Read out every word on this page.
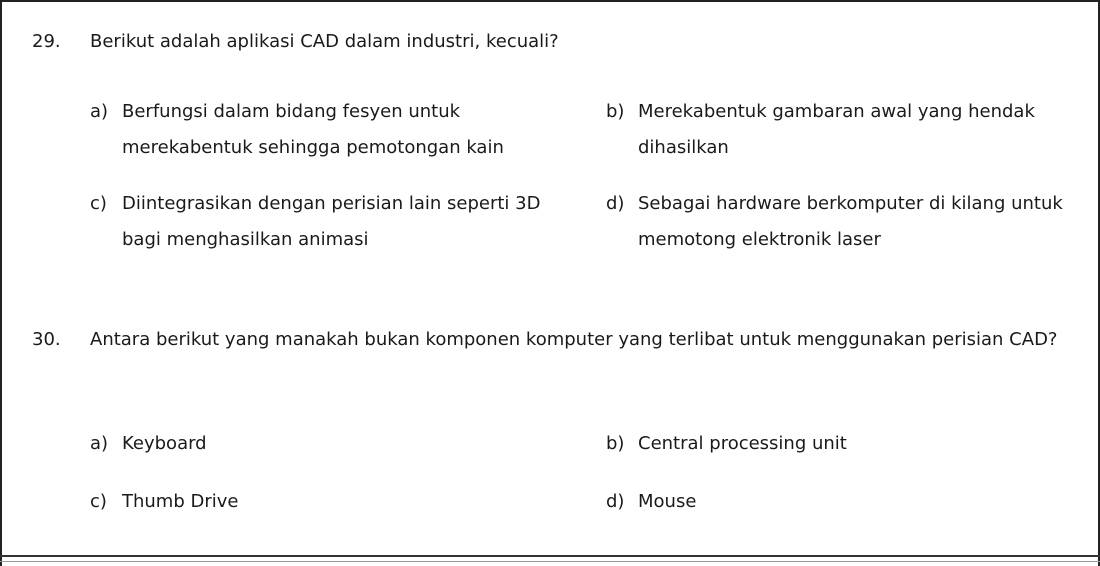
29. Berikut adalah aplikasi CAD dalam industri, kecuali?
a) Berfungsi dalam bidang fesyen untuk merekabentuk sehingga pemotongan kain
b) Merekabentuk gambaran awal yang hendak dihasilkan
c) Diintegrasikan dengan perisian lain seperti 3D bagi menghasilkan animasi
d) Sebagai hardware berkomputer di kilang untuk memotong elektronik laser
30. Antara berikut yang manakah bukan komponen komputer yang terlibat untuk menggunakan perisian CAD?
a) Keyboard	b) Central processing unit
c) Thumb Drive	d) Mouse
